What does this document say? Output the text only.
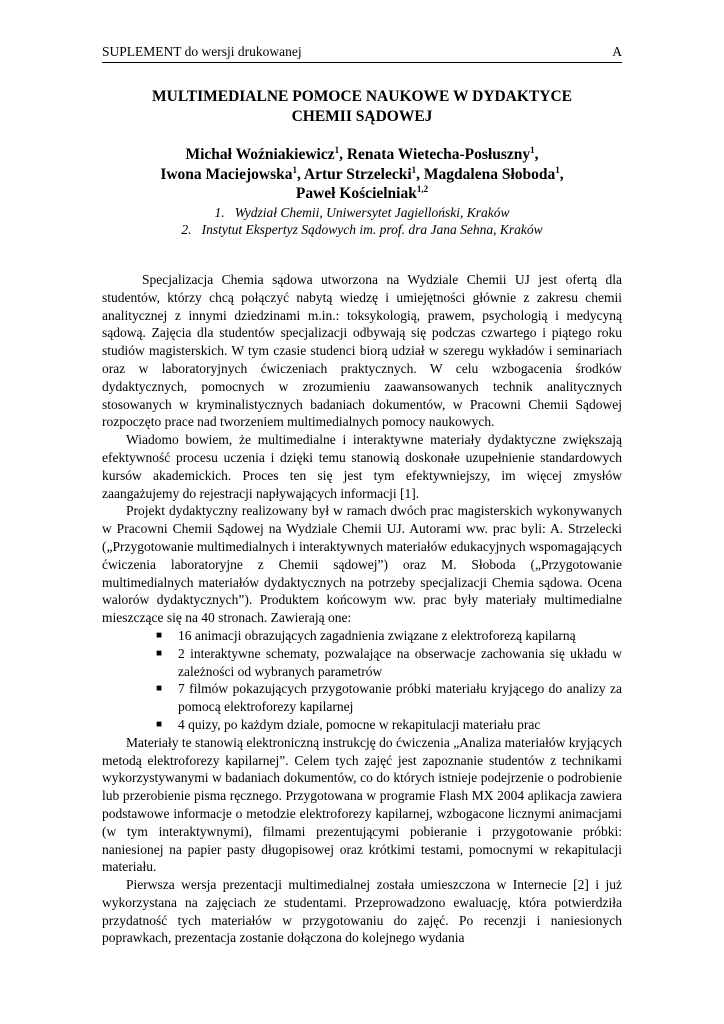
SUPLEMENT do wersji drukowanej	A
MULTIMEDIALNE POMOCE NAUKOWE W DYDAKTYCE
CHEMII SĄDOWEJ
Michał Woźniakiewicz$^1$, Renata Wietecha-Posłuszny$^1$,
Iwona Maciejowska$^1$, Artur Strzelecki$^1$, Magdalena Słoboda$^1$,
Paweł Kościelniak$^{1,2}$
1.   Wydział Chemii, Uniwersytet Jagielloński, Kraków
2.   Instytut Ekspertyz Sądowych im. prof. dra Jana Sehna, Kraków

Specjalizacja Chemia sądowa utworzona na Wydziale Chemii UJ jest ofertą dla studentów, którzy chcą połączyć nabytą wiedzę i umiejętności głównie z zakresu chemii analitycznej z innymi dziedzinami m.in.: toksykologią, prawem, psychologią i medycyną sądową. Zajęcia dla studentów specjalizacji odbywają się podczas czwartego i piątego roku studiów magisterskich. W tym czasie studenci biorą udział w szeregu wykładów i seminariach oraz w laboratoryjnych ćwiczeniach praktycznych. W celu wzbogacenia środków dydaktycznych, pomocnych w zrozumieniu zaawansowanych technik analitycznych stosowanych w kryminalistycznych badaniach dokumentów, w Pracowni Chemii Sądowej rozpoczęto prace nad tworzeniem multimedialnych pomocy naukowych.

Wiadomo bowiem, że multimedialne i interaktywne materiały dydaktyczne zwiększają efektywność procesu uczenia i dzięki temu stanowią doskonałe uzupełnienie standardowych kursów akademickich. Proces ten się jest tym efektywniejszy, im więcej zmysłów zaangażujemy do rejestracji napływających informacji [1].

Projekt dydaktyczny realizowany był w ramach dwóch prac magisterskich wykonywanych w Pracowni Chemii Sądowej na Wydziale Chemii UJ. Autorami ww. prac byli: A. Strzelecki („Przygotowanie multimedialnych i interaktywnych materiałów edukacyjnych wspomagających ćwiczenia laboratoryjne z Chemii sądowej”) oraz M. Słoboda („Przygotowanie multimedialnych materiałów dydaktycznych na potrzeby specjalizacji Chemia sądowa. Ocena walorów dydaktycznych”). Produktem końcowym ww. prac były materiały multimedialne mieszczące się na 40 stronach. Zawierają one:

■ 16 animacji obrazujących zagadnienia związane z elektroforezą kapilarną
■ 2 interaktywne schematy, pozwalające na obserwacje zachowania się układu w zależności od wybranych parametrów
■ 7 filmów pokazujących przygotowanie próbki materiału kryjącego do analizy za pomocą elektroforezy kapilarnej
■ 4 quizy, po każdym dziale, pomocne w rekapitulacji materiału prac

Materiały te stanowią elektroniczną instrukcję do ćwiczenia „Analiza materiałów kryjących metodą elektroforezy kapilarnej”. Celem tych zajęć jest zapoznanie studentów z technikami wykorzystywanymi w badaniach dokumentów, co do których istnieje podejrzenie o podrobienie lub przerobienie pisma ręcznego. Przygotowana w programie Flash MX 2004 aplikacja zawiera podstawowe informacje o metodzie elektroforezy kapilarnej, wzbogacone licznymi animacjami (w tym interaktywnymi), filmami prezentującymi pobieranie i przygotowanie próbki: naniesionej na papier pasty długopisowej oraz krótkimi testami, pomocnymi w rekapitulacji materiału.

Pierwsza wersja prezentacji multimedialnej została umieszczona w Internecie [2] i już wykorzystana na zajęciach ze studentami. Przeprowadzono ewaluację, która potwierdziła przydatność tych materiałów w przygotowaniu do zajęć. Po recenzji i naniesionych poprawkach, prezentacja zostanie dołączona do kolejnego wydania
